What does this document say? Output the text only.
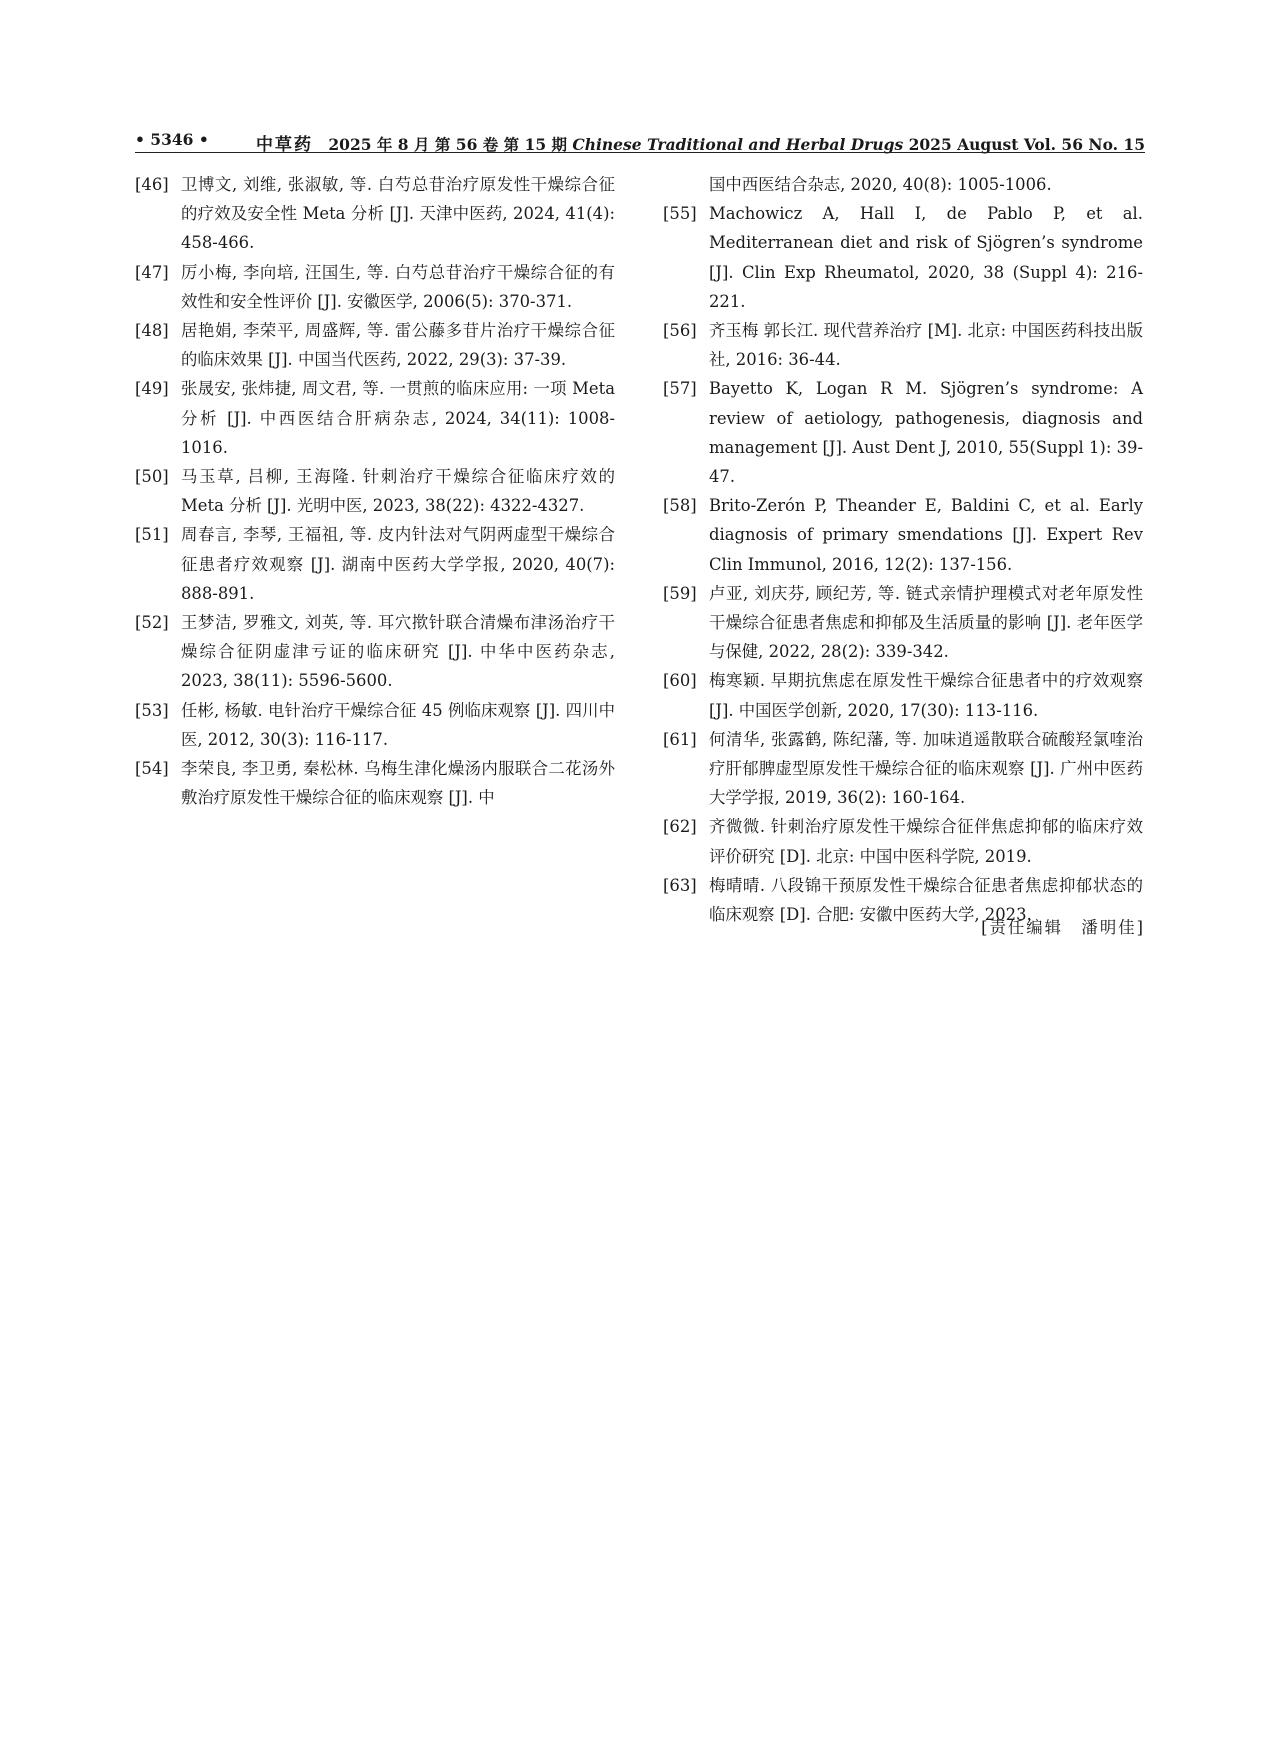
• 5346 •	中草药 2025 年 8 月 第 56 卷 第 15 期 Chinese Traditional and Herbal Drugs 2025 August Vol. 56 No. 15
[46] 卫博文, 刘维, 张淑敏, 等. 白芍总苷治疗原发性干燥综合征的疗效及安全性 Meta 分析 [J]. 天津中医药, 2024, 41(4): 458-466.
[47] 厉小梅, 李向培, 汪国生, 等. 白芍总苷治疗干燥综合征的有效性和安全性评价 [J]. 安徽医学, 2006(5): 370-371.
[48] 居艳娟, 李荣平, 周盛辉, 等. 雷公藤多苷片治疗干燥综合征的临床效果 [J]. 中国当代医药, 2022, 29(3): 37-39.
[49] 张晟安, 张炜捷, 周文君, 等. 一贯煎的临床应用: 一项 Meta 分析 [J]. 中西医结合肝病杂志, 2024, 34(11): 1008-1016.
[50] 马玉草, 吕柳, 王海隆. 针刺治疗干燥综合征临床疗效的 Meta 分析 [J]. 光明中医, 2023, 38(22): 4322-4327.
[51] 周春言, 李琴, 王福祖, 等. 皮内针法对气阴两虚型干燥综合征患者疗效观察 [J]. 湖南中医药大学学报, 2020, 40(7): 888-891.
[52] 王梦洁, 罗雅文, 刘英, 等. 耳穴揿针联合清燥布津汤治疗干燥综合征阴虚津亏证的临床研究 [J]. 中华中医药杂志, 2023, 38(11): 5596-5600.
[53] 任彬, 杨敏. 电针治疗干燥综合征 45 例临床观察 [J]. 四川中医, 2012, 30(3): 116-117.
[54] 李荣良, 李卫勇, 秦松林. 乌梅生津化燥汤内服联合二花汤外敷治疗原发性干燥综合征的临床观察 [J]. 中
国中西医结合杂志, 2020, 40(8): 1005-1006.
[55] Machowicz A, Hall I, de Pablo P, et al. Mediterranean diet and risk of Sjögren’s syndrome [J]. Clin Exp Rheumatol, 2020, 38 (Suppl 4): 216-221.
[56] 齐玉梅 郭长江. 现代营养治疗 [M]. 北京: 中国医药科技出版社, 2016: 36-44.
[57] Bayetto K, Logan R M. Sjögren’s syndrome: A review of aetiology, pathogenesis, diagnosis and management [J]. Aust Dent J, 2010, 55(Suppl 1): 39-47.
[58] Brito-Zerón P, Theander E, Baldini C, et al. Early diagnosis of primary smendations [J]. Expert Rev Clin Immunol, 2016, 12(2): 137-156.
[59] 卢亚, 刘庆芬, 顾纪芳, 等. 链式亲情护理模式对老年原发性干燥综合征患者焦虑和抑郁及生活质量的影响 [J]. 老年医学与保健, 2022, 28(2): 339-342.
[60] 梅寒颖. 早期抗焦虑在原发性干燥综合征患者中的疗效观察 [J]. 中国医学创新, 2020, 17(30): 113-116.
[61] 何清华, 张露鹤, 陈纪藩, 等. 加味逍遥散联合硫酸羟氯喹治疗肝郁脾虚型原发性干燥综合征的临床观察 [J]. 广州中医药大学学报, 2019, 36(2): 160-164.
[62] 齐微微. 针刺治疗原发性干燥综合征伴焦虑抑郁的临床疗效评价研究 [D]. 北京: 中国中医科学院, 2019.
[63] 梅晴晴. 八段锦干预原发性干燥综合征患者焦虑抑郁状态的临床观察 [D]. 合肥: 安徽中医药大学, 2023.
[责任编辑　潘明佳]
